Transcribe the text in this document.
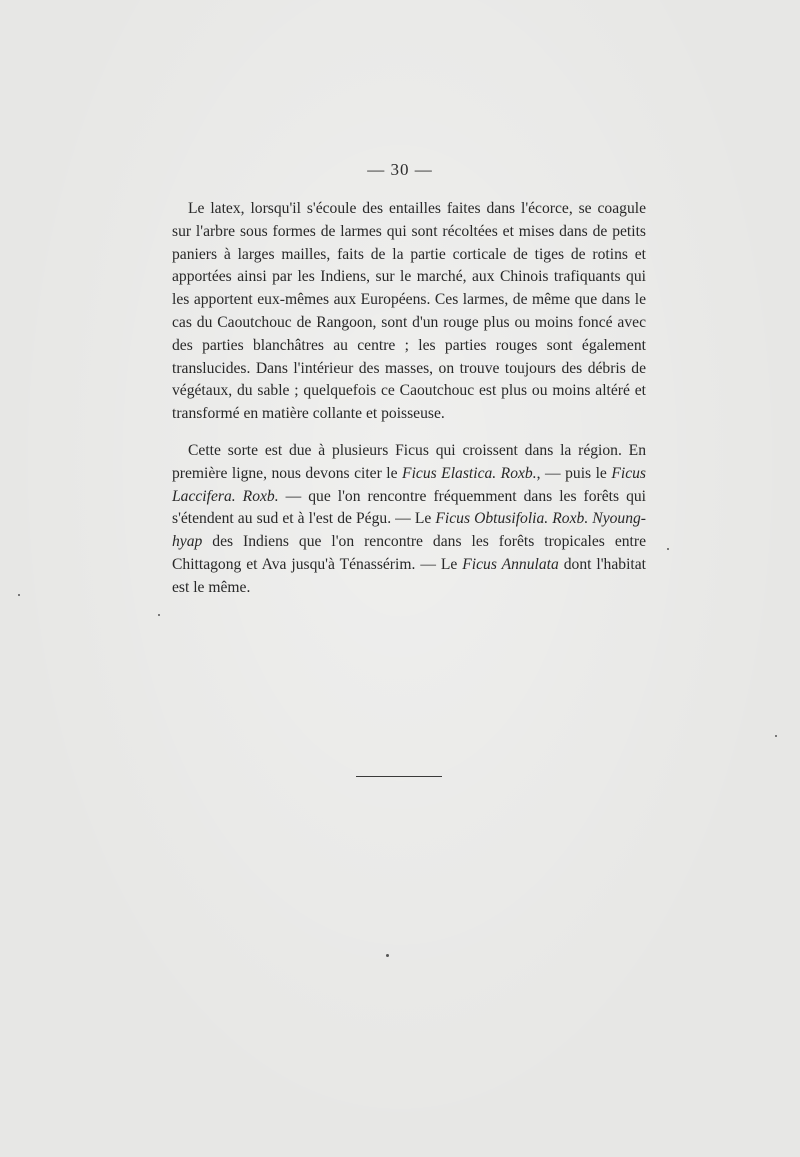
— 30 —

Le latex, lorsqu'il s'écoule des entailles faites dans l'écorce, se coagule sur l'arbre sous formes de larmes qui sont récoltées et mises dans de petits paniers à larges mailles, faits de la partie corticale de tiges de rotins et apportées ainsi par les Indiens, sur le marché, aux Chinois trafiquants qui les apportent eux-mêmes aux Européens. Ces larmes, de même que dans le cas du Caoutchouc de Rangoon, sont d'un rouge plus ou moins foncé avec des parties blanchâtres au centre ; les parties rouges sont également translucides. Dans l'intérieur des masses, on trouve toujours des débris de végétaux, du sable ; quelquefois ce Caoutchouc est plus ou moins altéré et transformé en matière collante et poisseuse.

Cette sorte est due à plusieurs Ficus qui croissent dans la région. En première ligne, nous devons citer le Ficus Elastica. Roxb., — puis le Ficus Laccifera. Roxb. — que l'on rencontre fréquemment dans les forêts qui s'étendent au sud et à l'est de Pégu. — Le Ficus Obtusifolia. Roxb. Nyoung-hyap des Indiens que l'on rencontre dans les forêts tropicales entre Chittagong et Ava jusqu'à Ténassérim. — Le Ficus Annulata dont l'habitat est le même.
